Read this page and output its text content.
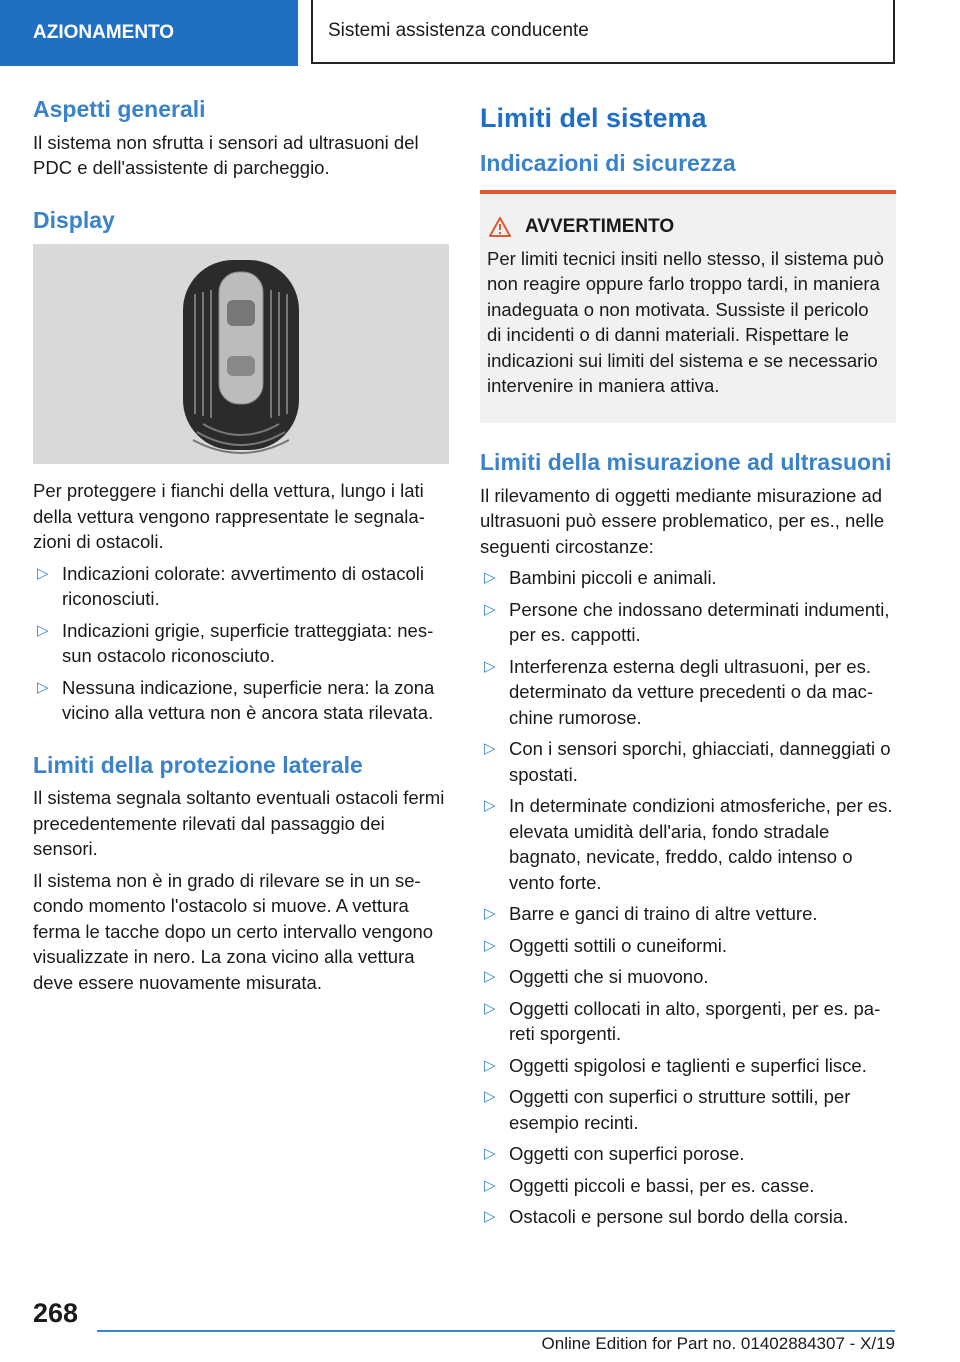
AZIONAMENTO	Sistemi assistenza conducente
Aspetti generali

Il sistema non sfrutta i sensori ad ultrasuoni del PDC e dell'assistente di parcheggio.

Display

Per proteggere i fianchi della vettura, lungo i lati della vettura vengono rappresentate le segnalazioni di ostacoli.

▷ Indicazioni colorate: avvertimento di ostacoli riconosciuti.
▷ Indicazioni grigie, superficie tratteggiata: nessun ostacolo riconosciuto.
▷ Nessuna indicazione, superficie nera: la zona vicino alla vettura non è ancora stata rilevata.
Limiti della protezione laterale

Il sistema segnala soltanto eventuali ostacoli fermi precedentemente rilevati dal passaggio dei sensori.

Il sistema non è in grado di rilevare se in un secondo momento l'ostacolo si muove. A vettura ferma le tacche dopo un certo intervallo vengono visualizzate in nero. La zona vicino alla vettura deve essere nuovamente misurata.

Limiti del sistema
Indicazioni di sicurezza
AVVERTIMENTO

Per limiti tecnici insiti nello stesso, il sistema può non reagire oppure farlo troppo tardi, in maniera inadeguata o non motivata. Sussiste il pericolo di incidenti o di danni materiali. Rispettare le indicazioni sui limiti del sistema e se necessario intervenire in maniera attiva.

Limiti della misurazione ad ultrasuoni

Il rilevamento di oggetti mediante misurazione ad ultrasuoni può essere problematico, per es., nelle seguenti circostanze:

▷ Bambini piccoli e animali.
▷ Persone che indossano determinati indumenti, per es. cappotti.
▷ Interferenza esterna degli ultrasuoni, per es. determinato da vetture precedenti o da macchine rumorose.
▷ Con i sensori sporchi, ghiacciati, danneggiati o spostati.
▷ In determinate condizioni atmosferiche, per es. elevata umidità dell'aria, fondo stradale bagnato, nevicate, freddo, caldo intenso o vento forte.
▷ Barre e ganci di traino di altre vetture.
▷ Oggetti sottili o cuneiformi.
▷ Oggetti che si muovono.
▷ Oggetti collocati in alto, sporgenti, per es. pareti sporgenti.
▷ Oggetti spigolosi e taglienti e superfici lisce.
▷ Oggetti con superfici o strutture sottili, per esempio recinti.
▷ Oggetti con superfici porose.
▷ Oggetti piccoli e bassi, per es. casse.
▷ Ostacoli e persone sul bordo della corsia.
268
Online Edition for Part no. 01402884307 - X/19
